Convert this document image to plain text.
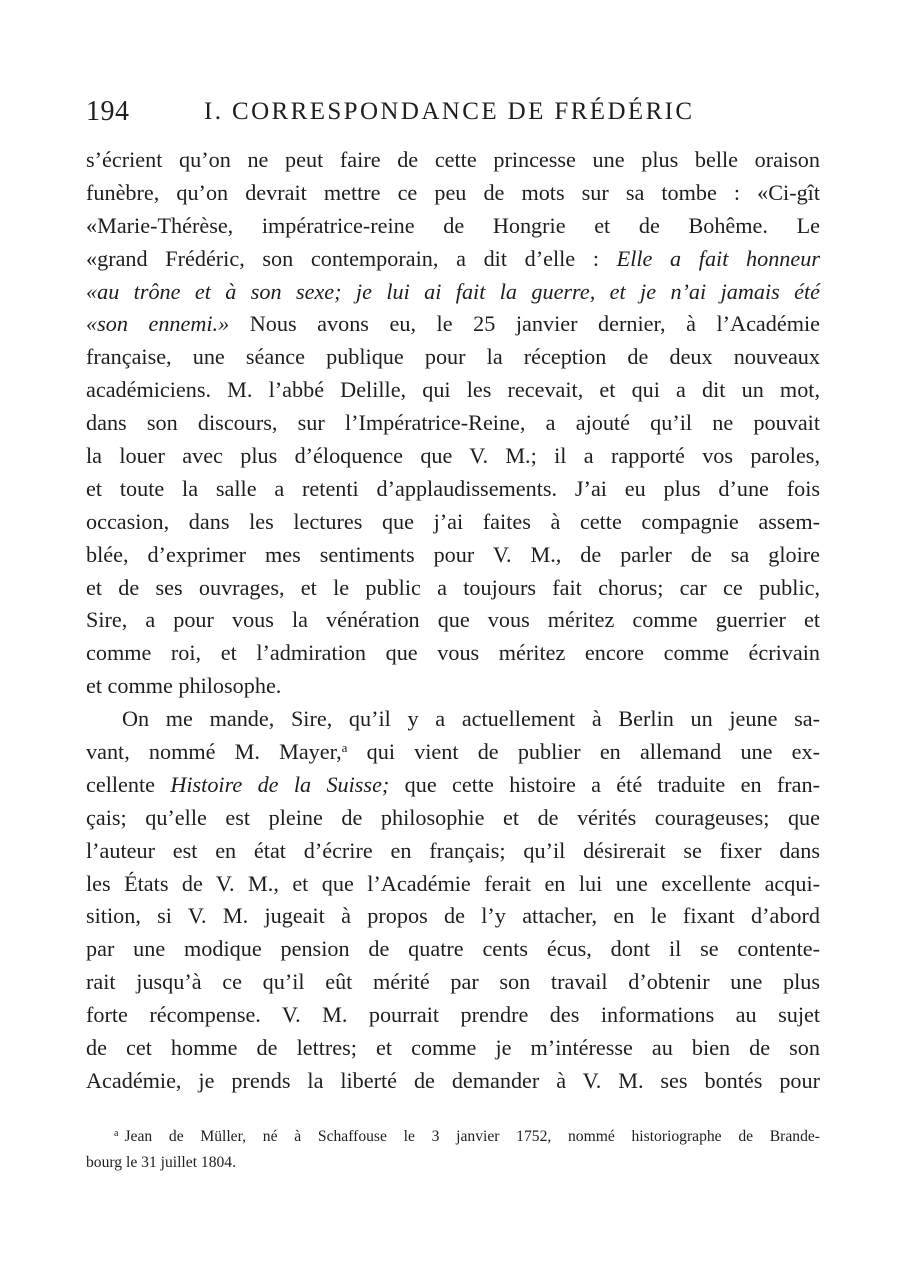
194	I. CORRESPONDANCE DE FRÉDÉRIC
s’écrient qu’on ne peut faire de cette princesse une plus belle oraison
funèbre, qu’on devrait mettre ce peu de mots sur sa tombe : «Ci-gît
«Marie-Thérèse, impératrice-reine de Hongrie et de Bohême. Le
«grand Frédéric, son contemporain, a dit d’elle : Elle a fait honneur
«au trône et à son sexe; je lui ai fait la guerre, et je n’ai jamais été
«son ennemi.» Nous avons eu, le 25 janvier dernier, à l’Académie
française, une séance publique pour la réception de deux nouveaux
académiciens. M. l’abbé Delille, qui les recevait, et qui a dit un mot,
dans son discours, sur l’Impératrice-Reine, a ajouté qu’il ne pouvait
la louer avec plus d’éloquence que V. M.; il a rapporté vos paroles,
et toute la salle a retenti d’applaudissements. J’ai eu plus d’une fois
occasion, dans les lectures que j’ai faites à cette compagnie assem-
blée, d’exprimer mes sentiments pour V. M., de parler de sa gloire
et de ses ouvrages, et le public a toujours fait chorus; car ce public,
Sire, a pour vous la vénération que vous méritez comme guerrier et
comme roi, et l’admiration que vous méritez encore comme écrivain
et comme philosophe.
On me mande, Sire, qu’il y a actuellement à Berlin un jeune sa-
vant, nommé M. Mayer,$^a$ qui vient de publier en allemand une ex-
cellente Histoire de la Suisse; que cette histoire a été traduite en fran-
çais; qu’elle est pleine de philosophie et de vérités courageuses; que
l’auteur est en état d’écrire en français; qu’il désirerait se fixer dans
les États de V. M., et que l’Académie ferait en lui une excellente acqui-
sition, si V. M. jugeait à propos de l’y attacher, en le fixant d’abord
par une modique pension de quatre cents écus, dont il se contente-
rait jusqu’à ce qu’il eût mérité par son travail d’obtenir une plus
forte récompense. V. M. pourrait prendre des informations au sujet
de cet homme de lettres; et comme je m’intéresse au bien de son
Académie, je prends la liberté de demander à V. M. ses bontés pour
$^a$ Jean de Müller, né à Schaffouse le 3 janvier 1752, nommé historiographe de Brande-
bourg le 31 juillet 1804.
